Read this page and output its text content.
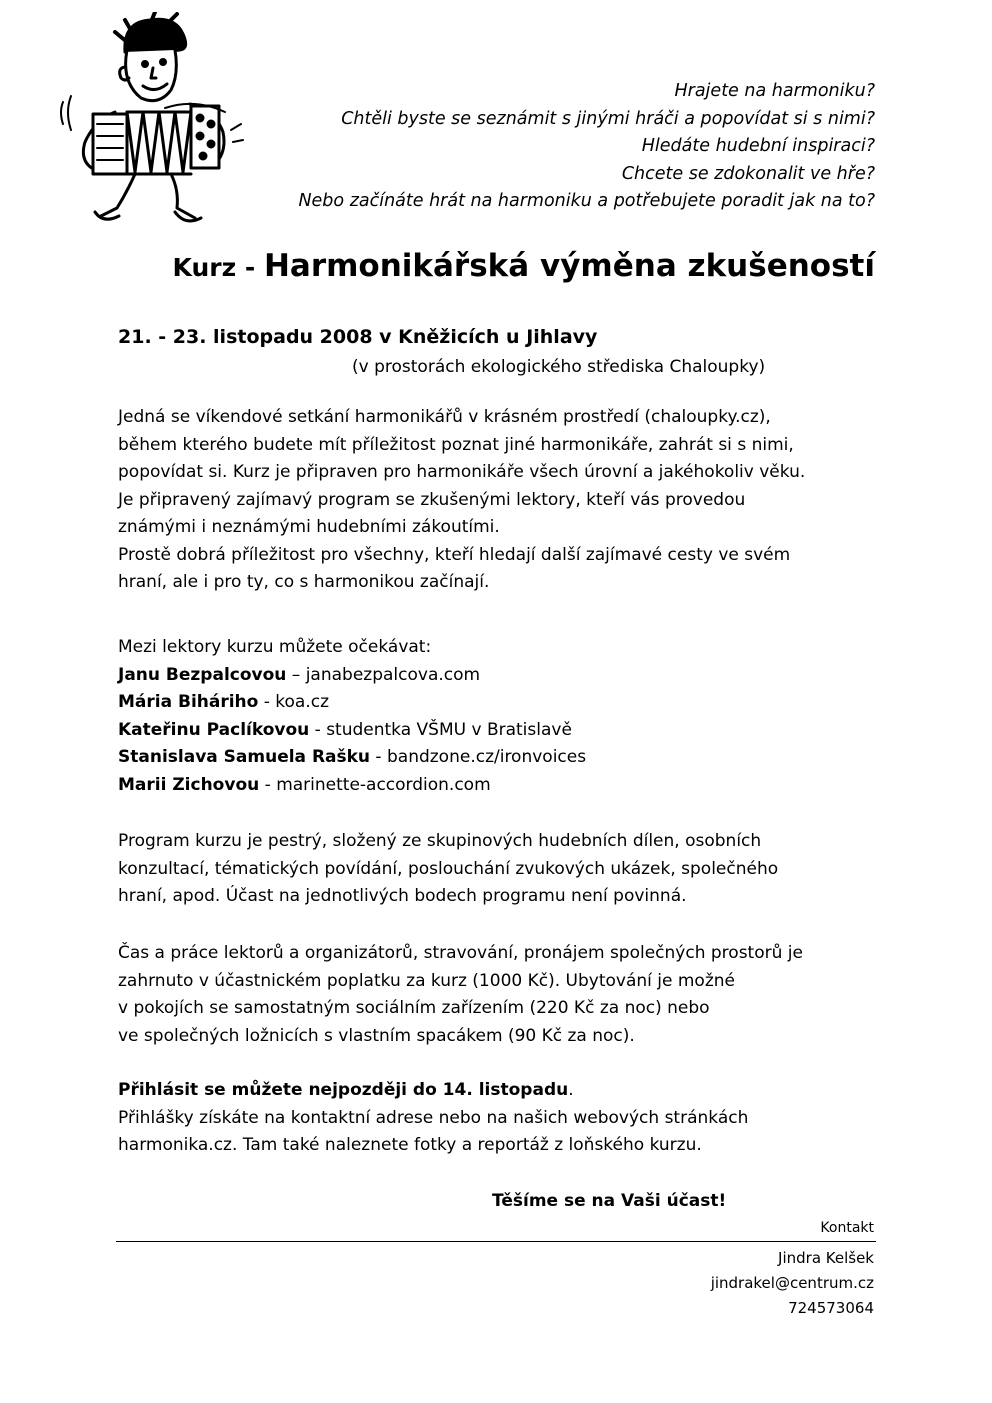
Hrajete na harmoniku?
Chtěli byste se seznámit s jinými hráči a popovídat si s nimi?
Hledáte hudební inspiraci?
Chcete se zdokonalit ve hře?
Nebo začínáte hrát na harmoniku a potřebujete poradit jak na to?
Kurz - Harmonikářská výměna zkušeností
21. - 23. listopadu 2008 v Kněžicích u Jihlavy
(v prostorách ekologického střediska Chaloupky)
Jedná se víkendové setkání harmonikářů v krásném prostředí (chaloupky.cz),
během kterého budete mít příležitost poznat jiné harmonikáře, zahrát si s nimi,
popovídat si. Kurz je připraven pro harmonikáře všech úrovní a jakéhokoliv věku.
Je připravený zajímavý program se zkušenými lektory, kteří vás provedou
známými i neznámými hudebními zákoutími.
Prostě dobrá příležitost pro všechny, kteří hledají další zajímavé cesty ve svém
hraní, ale i pro ty, co s harmonikou začínají.
Mezi lektory kurzu můžete očekávat:
Janu Bezpalcovou – janabezpalcova.com
Mária Biháriho - koa.cz
Kateřinu Paclíkovou - studentka VŠMU v Bratislavě
Stanislava Samuela Rašku - bandzone.cz/ironvoices
Marii Zichovou - marinette-accordion.com
Program kurzu je pestrý, složený ze skupinových hudebních dílen, osobních
konzultací, tématických povídání, poslouchání zvukových ukázek, společného
hraní, apod. Účast na jednotlivých bodech programu není povinná.
Čas a práce lektorů a organizátorů, stravování, pronájem společných prostorů je
zahrnuto v účastnickém poplatku za kurz (1000 Kč). Ubytování je možné
v pokojích se samostatným sociálním zařízením (220 Kč za noc) nebo
ve společných ložnicích s vlastním spacákem (90 Kč za noc).
Přihlásit se můžete nejpozději do 14. listopadu.
Přihlášky získáte na kontaktní adrese nebo na našich webových stránkách
harmonika.cz. Tam také naleznete fotky a reportáž z loňského kurzu.
Těšíme se na Vaši účast!
Kontakt
Jindra Kelšek
jindrakel@centrum.cz
724573064
